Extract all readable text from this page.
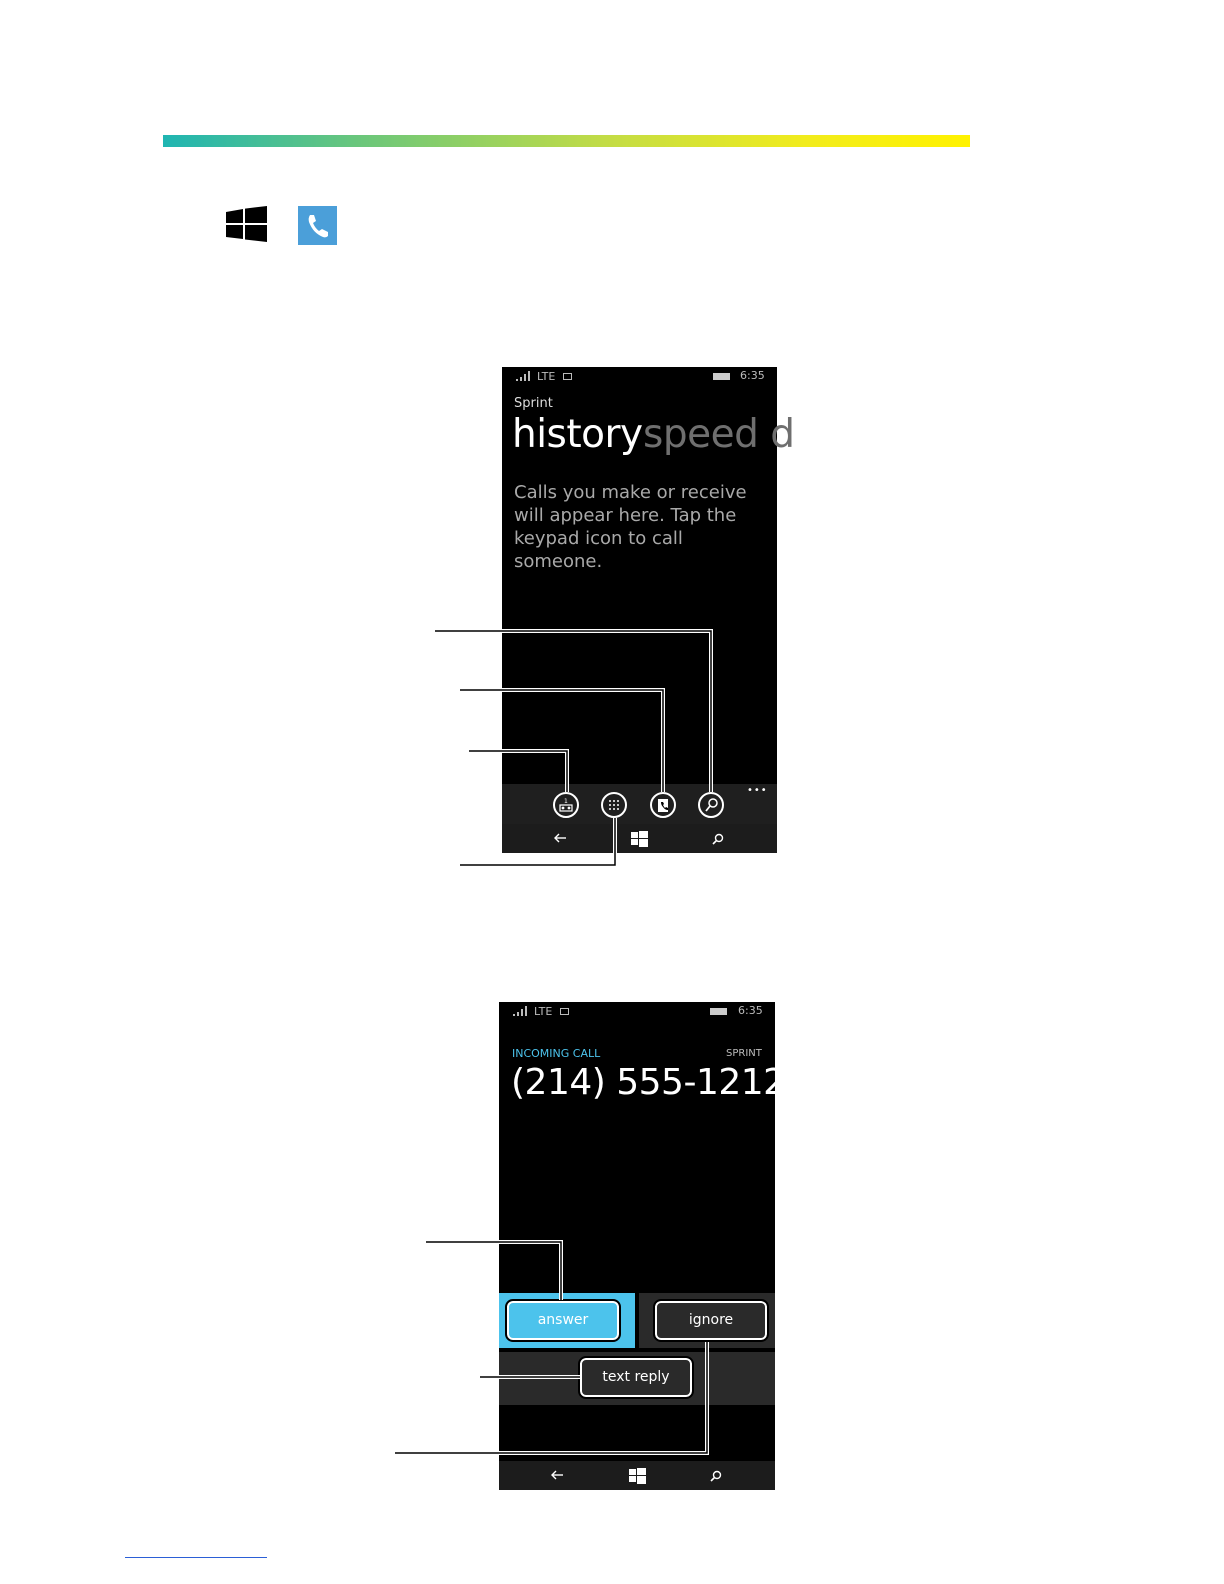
LTE	6:35
Sprint
history speed d
Calls you make or receive will appear here. Tap the keypad icon to call someone.
1
•••
LTE	6:35
INCOMING CALL	SPRINT
(214) 555-1212
answer	ignore
text reply
